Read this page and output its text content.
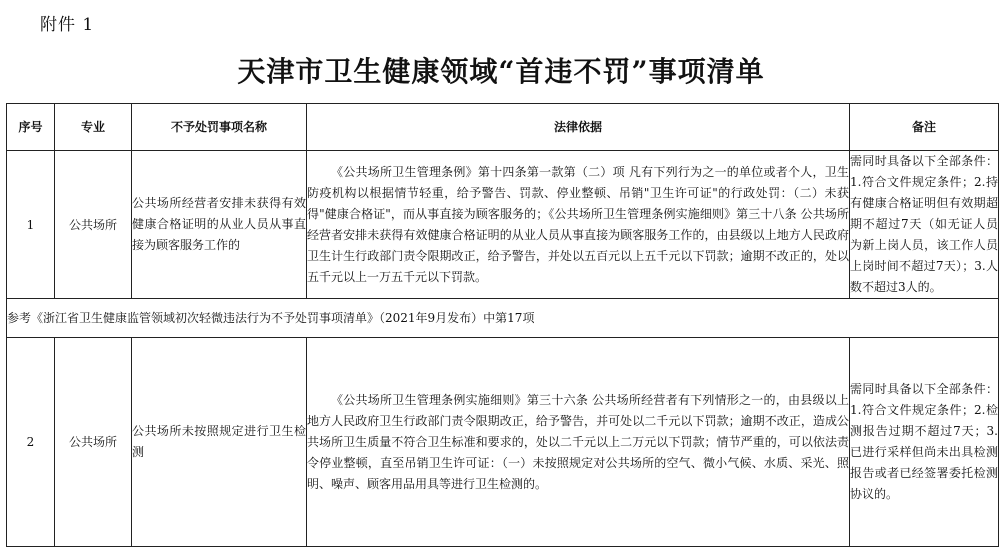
附件 1
天津市卫生健康领域“首违不罚”事项清单
序号	专业	不予处罚事项名称	法律依据	备注
1	公共场所	公共场所经营者安排未获得有效健康合格证明的从业人员从事直接为顾客服务工作的	《公共场所卫生管理条例》第十四条第一款第（二）项 凡有下列行为之一的单位或者个人，卫生防疫机构以根据情节轻重，给予警告、罚款、停业整顿、吊销"卫生许可证"的行政处罚：（二）未获得"健康合格证"，而从事直接为顾客服务的；《公共场所卫生管理条例实施细则》第三十八条 公共场所经营者安排未获得有效健康合格证明的从业人员从事直接为顾客服务工作的，由县级以上地方人民政府卫生计生行政部门责令限期改正，给予警告，并处以五百元以上五千元以下罚款；逾期不改正的，处以五千元以上一万五千元以下罚款。	需同时具备以下全部条件：1.符合文件规定条件；2.持有健康合格证明但有效期超期不超过7天（如无证人员为新上岗人员，该工作人员上岗时间不超过7天）；3.人数不超过3人的。
参考《浙江省卫生健康监管领域初次轻微违法行为不予处罚事项清单》（2021年9月发布）中第17项				
2	公共场所	公共场所未按照规定进行卫生检测	《公共场所卫生管理条例实施细则》第三十六条 公共场所经营者有下列情形之一的，由县级以上地方人民政府卫生行政部门责令限期改正，给予警告，并可处以二千元以下罚款；逾期不改正，造成公共场所卫生质量不符合卫生标准和要求的，处以二千元以上二万元以下罚款；情节严重的，可以依法责令停业整顿，直至吊销卫生许可证：（一）未按照规定对公共场所的空气、微小气候、水质、采光、照明、噪声、顾客用品用具等进行卫生检测的。	需同时具备以下全部条件：1.符合文件规定条件；2.检测报告过期不超过7天；3.已进行采样但尚未出具检测报告或者已经签署委托检测协议的。
